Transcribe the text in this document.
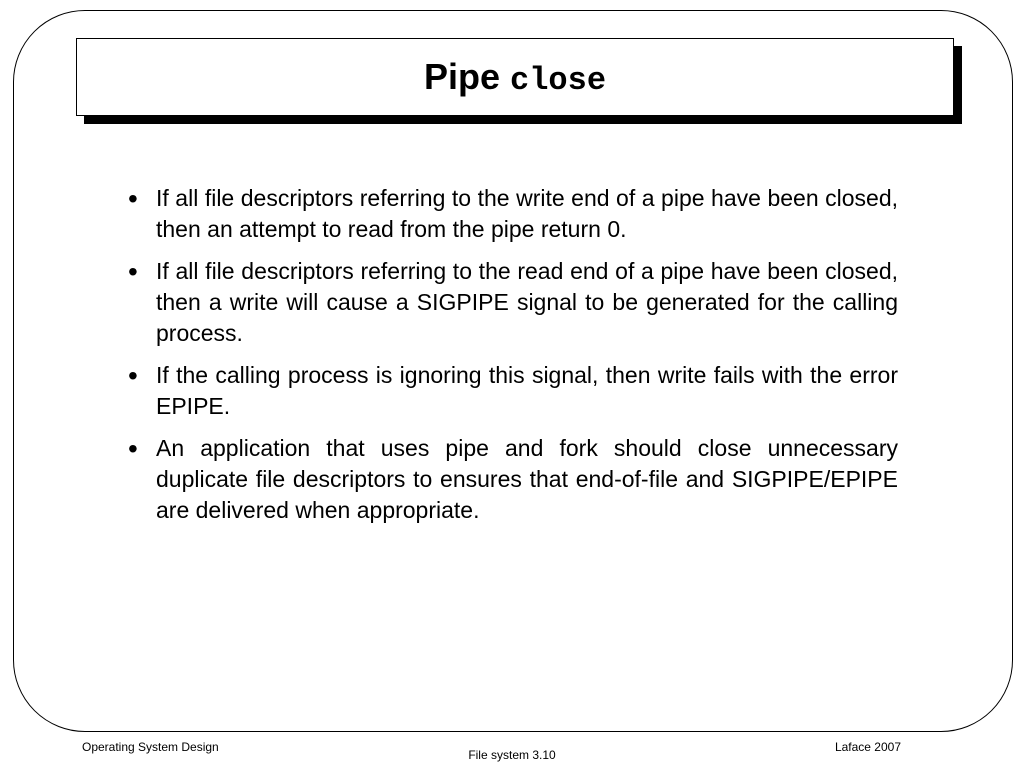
Pipe close
• If all file descriptors referring to the write end of a pipe have been closed, then an attempt to read from the pipe return 0.
• If all file descriptors referring to the read end of a pipe have been closed, then a write will cause a SIGPIPE signal to be generated for the calling process.
• If the calling process is ignoring this signal, then write fails with the error EPIPE.
• An application that uses pipe and fork should close unnecessary duplicate file descriptors to ensures that end-of-file and SIGPIPE/EPIPE are delivered when appropriate.
Operating System Design
File system 3.10
Laface 2007
